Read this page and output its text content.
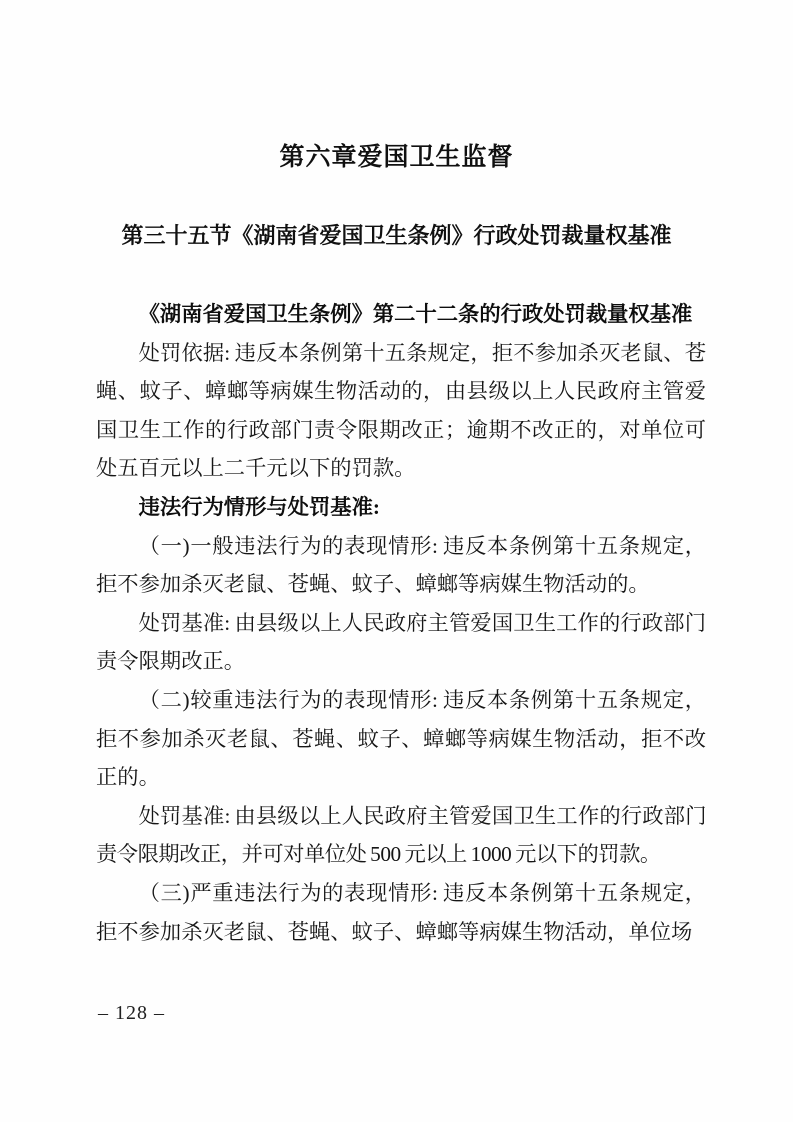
第六章爱国卫生监督
第三十五节《湖南省爱国卫生条例》行政处罚裁量权基准

《湖南省爱国卫生条例》第二十二条的行政处罚裁量权基准

处罚依据: 违反本条例第十五条规定，拒不参加杀灭老鼠、苍蝇、蚊子、蟑螂等病媒生物活动的，由县级以上人民政府主管爱国卫生工作的行政部门责令限期改正；逾期不改正的，对单位可处五百元以上二千元以下的罚款。

违法行为情形与处罚基准:

（一)一般违法行为的表现情形: 违反本条例第十五条规定，拒不参加杀灭老鼠、苍蝇、蚊子、蟑螂等病媒生物活动的。

处罚基准: 由县级以上人民政府主管爱国卫生工作的行政部门责令限期改正。

（二)较重违法行为的表现情形: 违反本条例第十五条规定，拒不参加杀灭老鼠、苍蝇、蚊子、蟑螂等病媒生物活动，拒不改正的。

处罚基准: 由县级以上人民政府主管爱国卫生工作的行政部门责令限期改正，并可对单位处 500 元以上 1000 元以下的罚款。

（三)严重违法行为的表现情形: 违反本条例第十五条规定，拒不参加杀灭老鼠、苍蝇、蚊子、蟑螂等病媒生物活动，单位场

– 128 –
